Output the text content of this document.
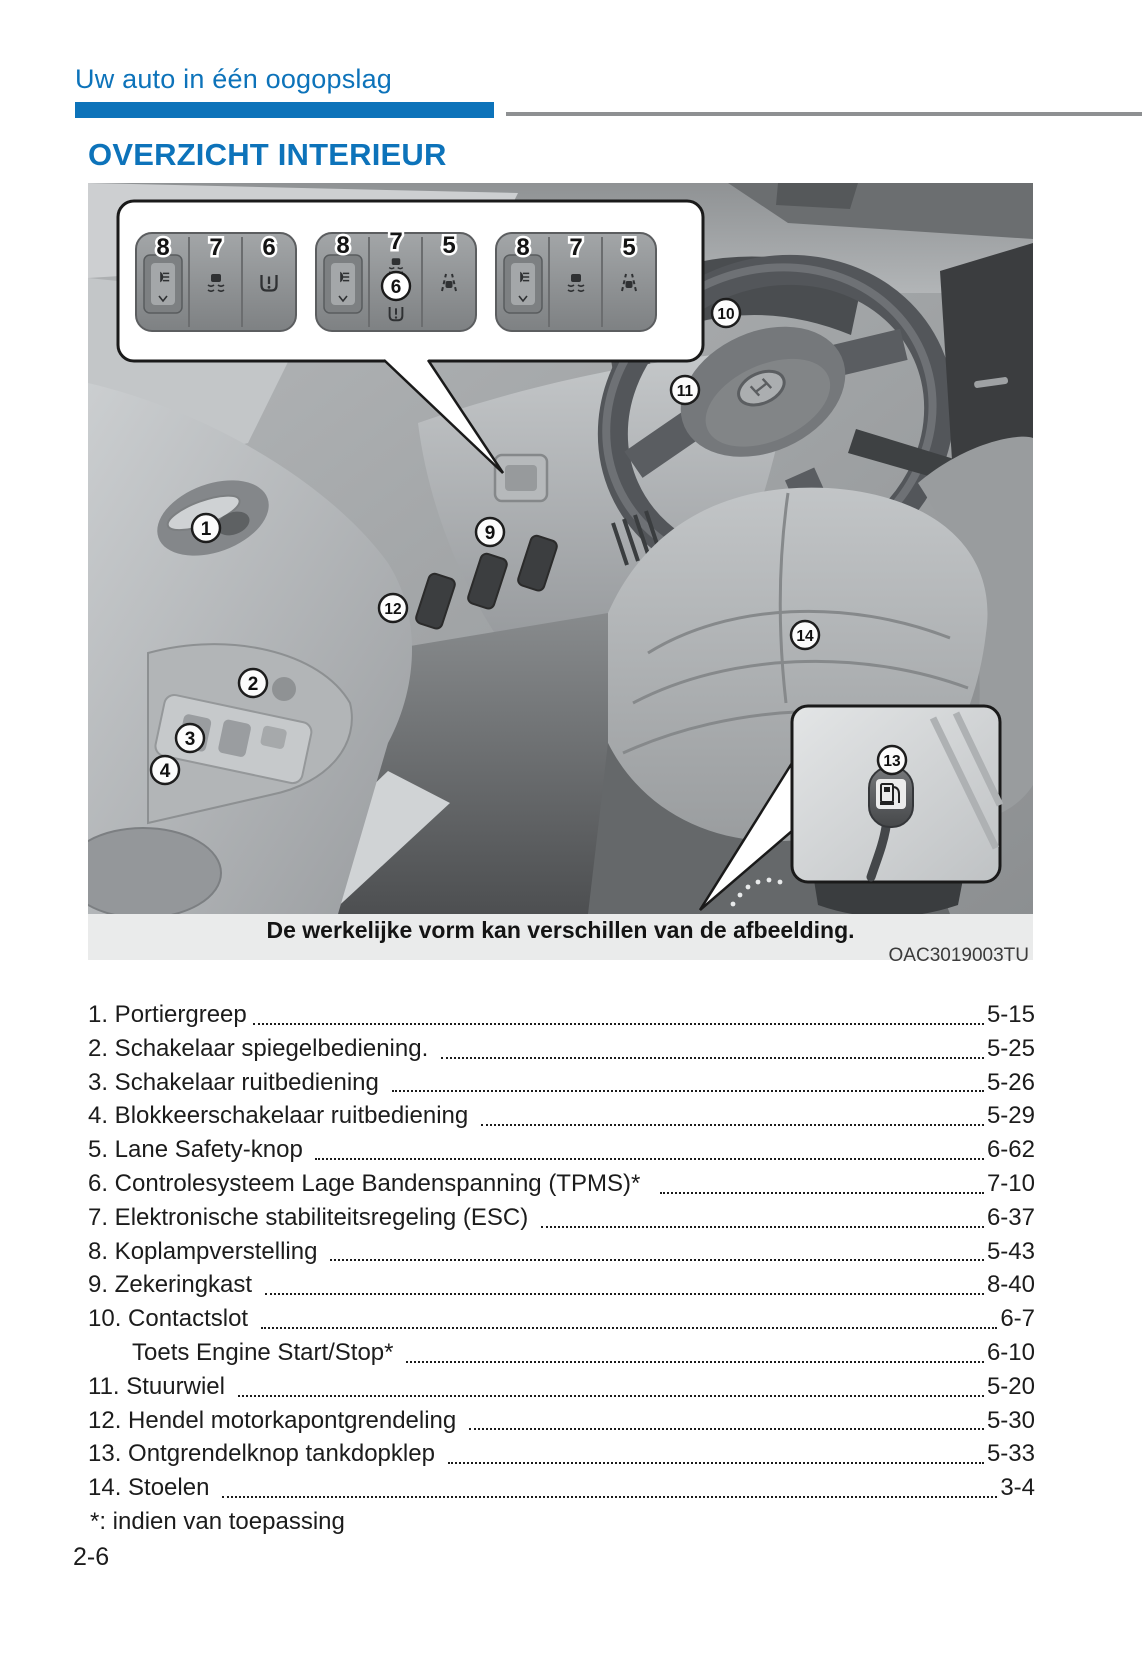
Uw auto in één oogopslag
OVERZICHT INTERIEUR
8 7 6	8 7 5
6
8 7 5
1
2
3
4
9
12
10
11
14
13
De werkelijke vorm kan verschillen van de afbeelding.
OAC3019003TU
1. Portiergreep	5-15
2. Schakelaar spiegelbediening.	5-25
3. Schakelaar ruitbediening	5-26
4. Blokkeerschakelaar ruitbediening	5-29
5. Lane Safety-knop	6-62
6. Controlesysteem Lage Bandenspanning (TPMS)*	7-10
7. Elektronische stabiliteitsregeling (ESC)	6-37
8. Koplampverstelling	5-43
9. Zekeringkast	8-40
10. Contactslot	6-7
Toets Engine Start/Stop*	6-10
11. Stuurwiel	5-20
12. Hendel motorkapontgrendeling	5-30
13. Ontgrendelknop tankdopklep	5-33
14. Stoelen	3-4
*: indien van toepassing
2-6
